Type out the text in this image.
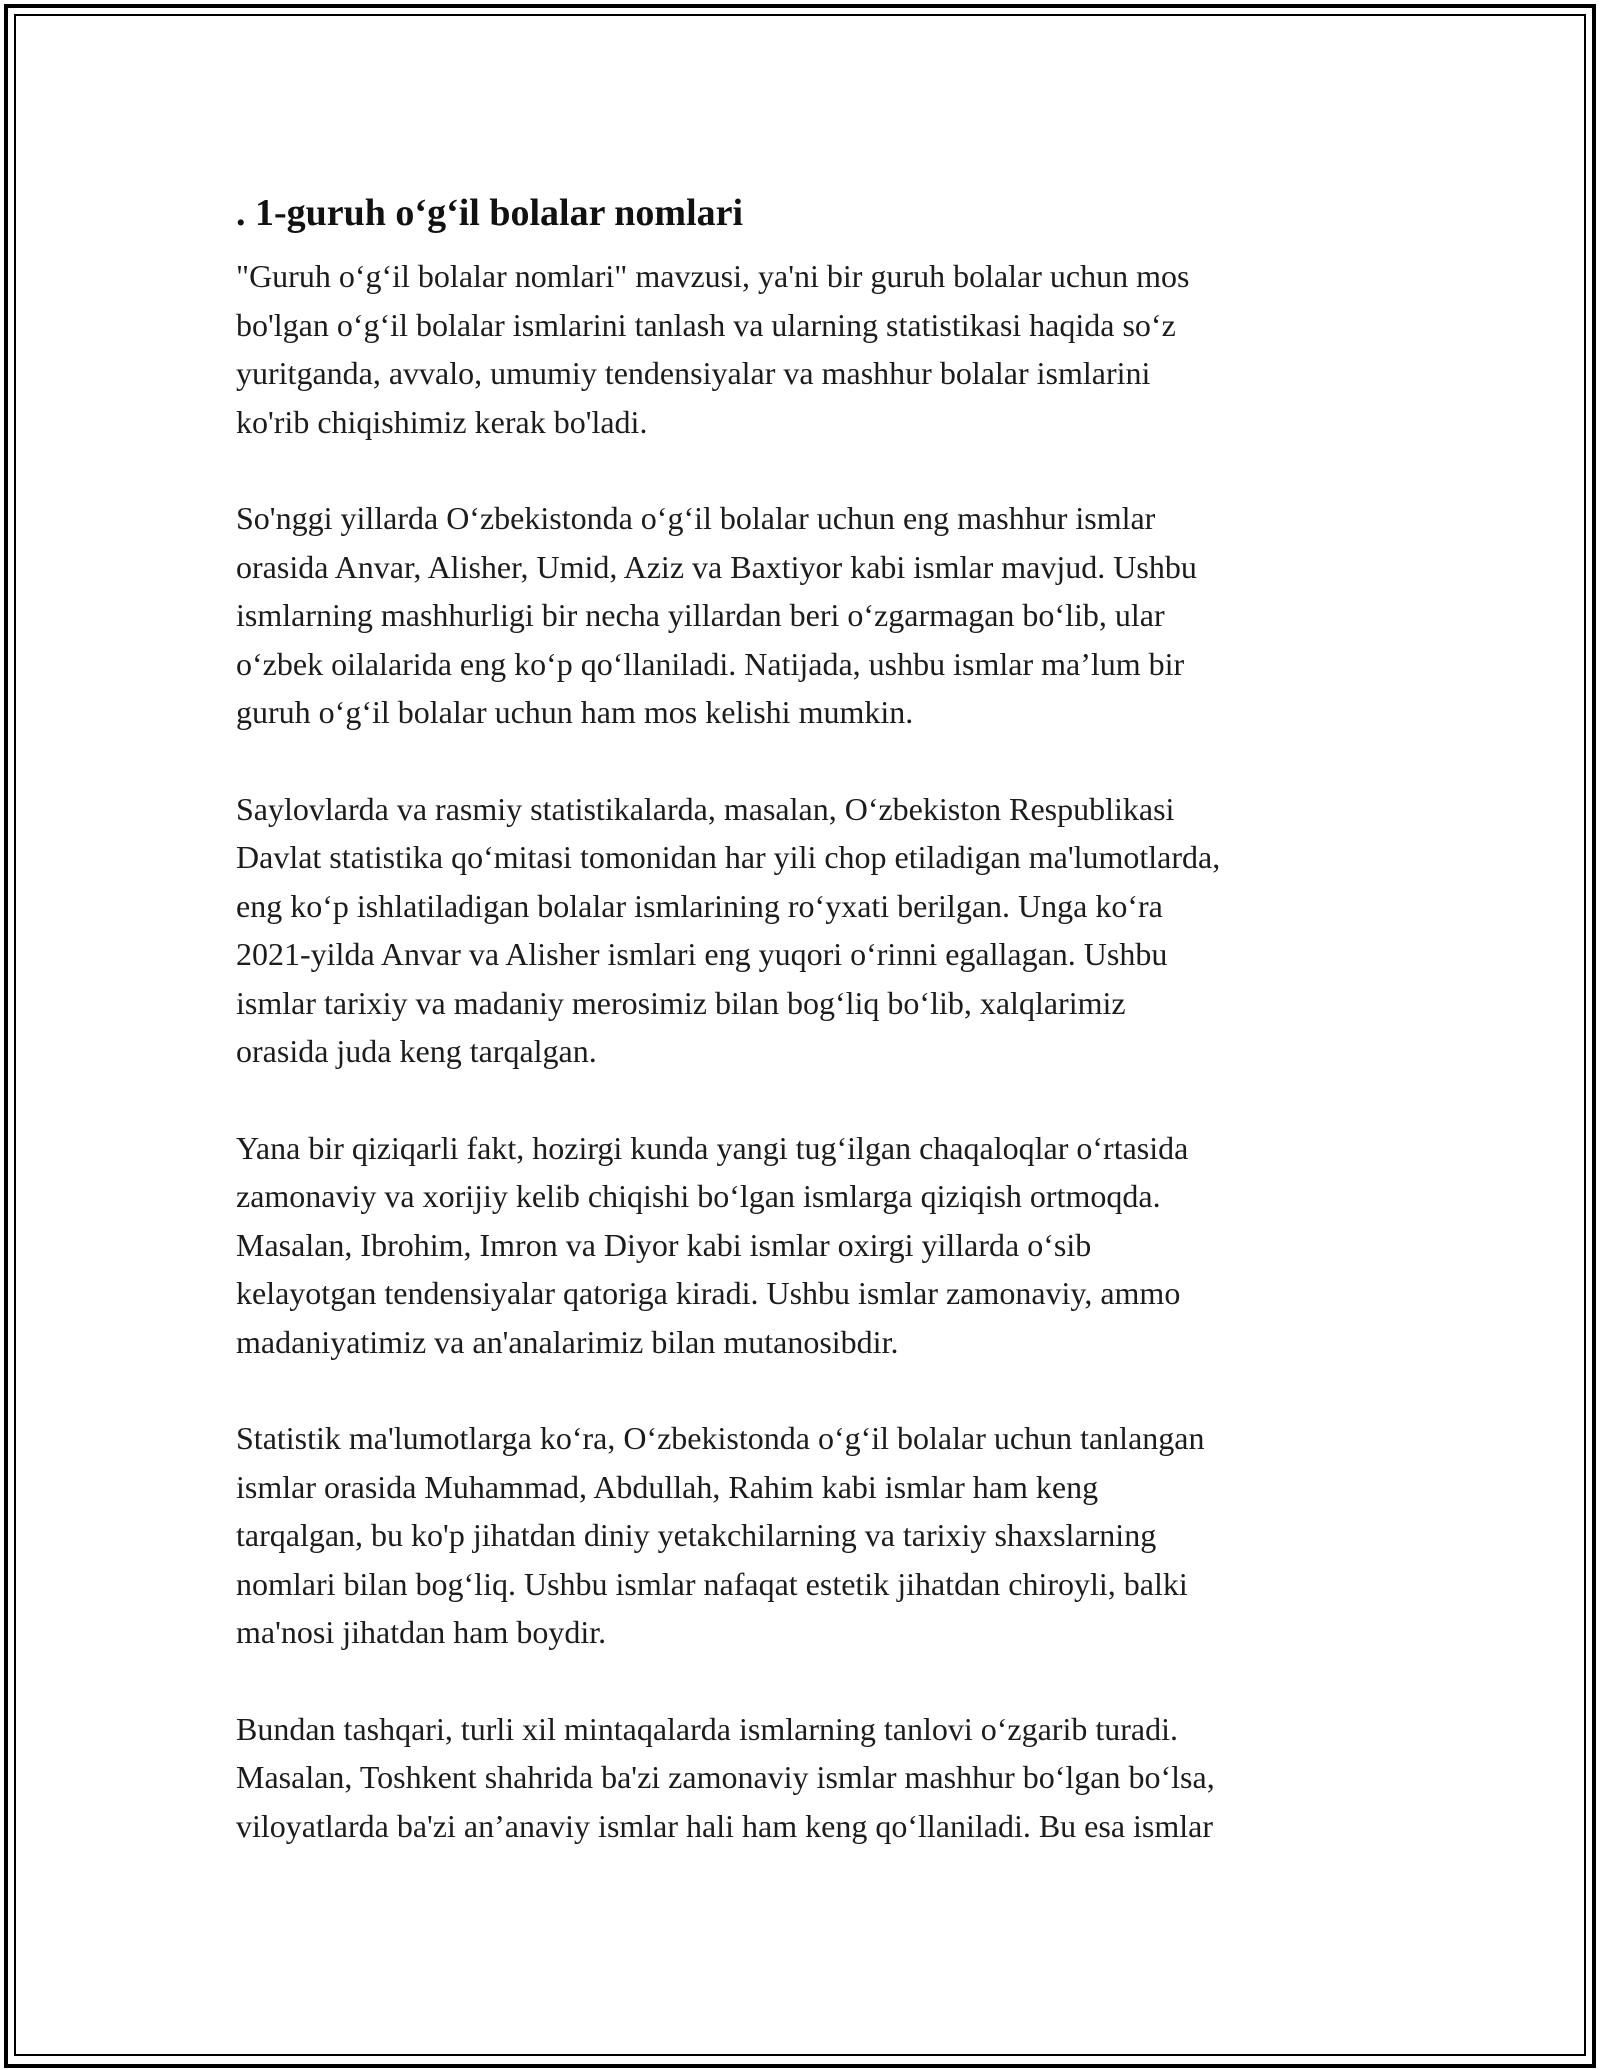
. 1-guruh o‘g‘il bolalar nomlari

"Guruh o‘g‘il bolalar nomlari" mavzusi, ya'ni bir guruh bolalar uchun mos
bo'lgan o‘g‘il bolalar ismlarini tanlash va ularning statistikasi haqida so‘z
yuritganda, avvalo, umumiy tendensiyalar va mashhur bolalar ismlarini
ko'rib chiqishimiz kerak bo'ladi.

So'nggi yillarda O‘zbekistonda o‘g‘il bolalar uchun eng mashhur ismlar
orasida Anvar, Alisher, Umid, Aziz va Baxtiyor kabi ismlar mavjud. Ushbu
ismlarning mashhurligi bir necha yillardan beri o‘zgarmagan bo‘lib, ular
o‘zbek oilalarida eng ko‘p qo‘llaniladi. Natijada, ushbu ismlar ma’lum bir
guruh o‘g‘il bolalar uchun ham mos kelishi mumkin.

Saylovlarda va rasmiy statistikalarda, masalan, O‘zbekiston Respublikasi
Davlat statistika qo‘mitasi tomonidan har yili chop etiladigan ma'lumotlarda,
eng ko‘p ishlatiladigan bolalar ismlarining ro‘yxati berilgan. Unga ko‘ra
2021-yilda Anvar va Alisher ismlari eng yuqori o‘rinni egallagan. Ushbu
ismlar tarixiy va madaniy merosimiz bilan bog‘liq bo‘lib, xalqlarimiz
orasida juda keng tarqalgan.

Yana bir qiziqarli fakt, hozirgi kunda yangi tug‘ilgan chaqaloqlar o‘rtasida
zamonaviy va xorijiy kelib chiqishi bo‘lgan ismlarga qiziqish ortmoqda.
Masalan, Ibrohim, Imron va Diyor kabi ismlar oxirgi yillarda o‘sib
kelayotgan tendensiyalar qatoriga kiradi. Ushbu ismlar zamonaviy, ammo
madaniyatimiz va an'analarimiz bilan mutanosibdir.

Statistik ma'lumotlarga ko‘ra, O‘zbekistonda o‘g‘il bolalar uchun tanlangan
ismlar orasida Muhammad, Abdullah, Rahim kabi ismlar ham keng
tarqalgan, bu ko'p jihatdan diniy yetakchilarning va tarixiy shaxslarning
nomlari bilan bog‘liq. Ushbu ismlar nafaqat estetik jihatdan chiroyli, balki
ma'nosi jihatdan ham boydir.

Bundan tashqari, turli xil mintaqalarda ismlarning tanlovi o‘zgarib turadi.
Masalan, Toshkent shahrida ba'zi zamonaviy ismlar mashhur bo‘lgan bo‘lsa,
viloyatlarda ba'zi an’anaviy ismlar hali ham keng qo‘llaniladi. Bu esa ismlar
